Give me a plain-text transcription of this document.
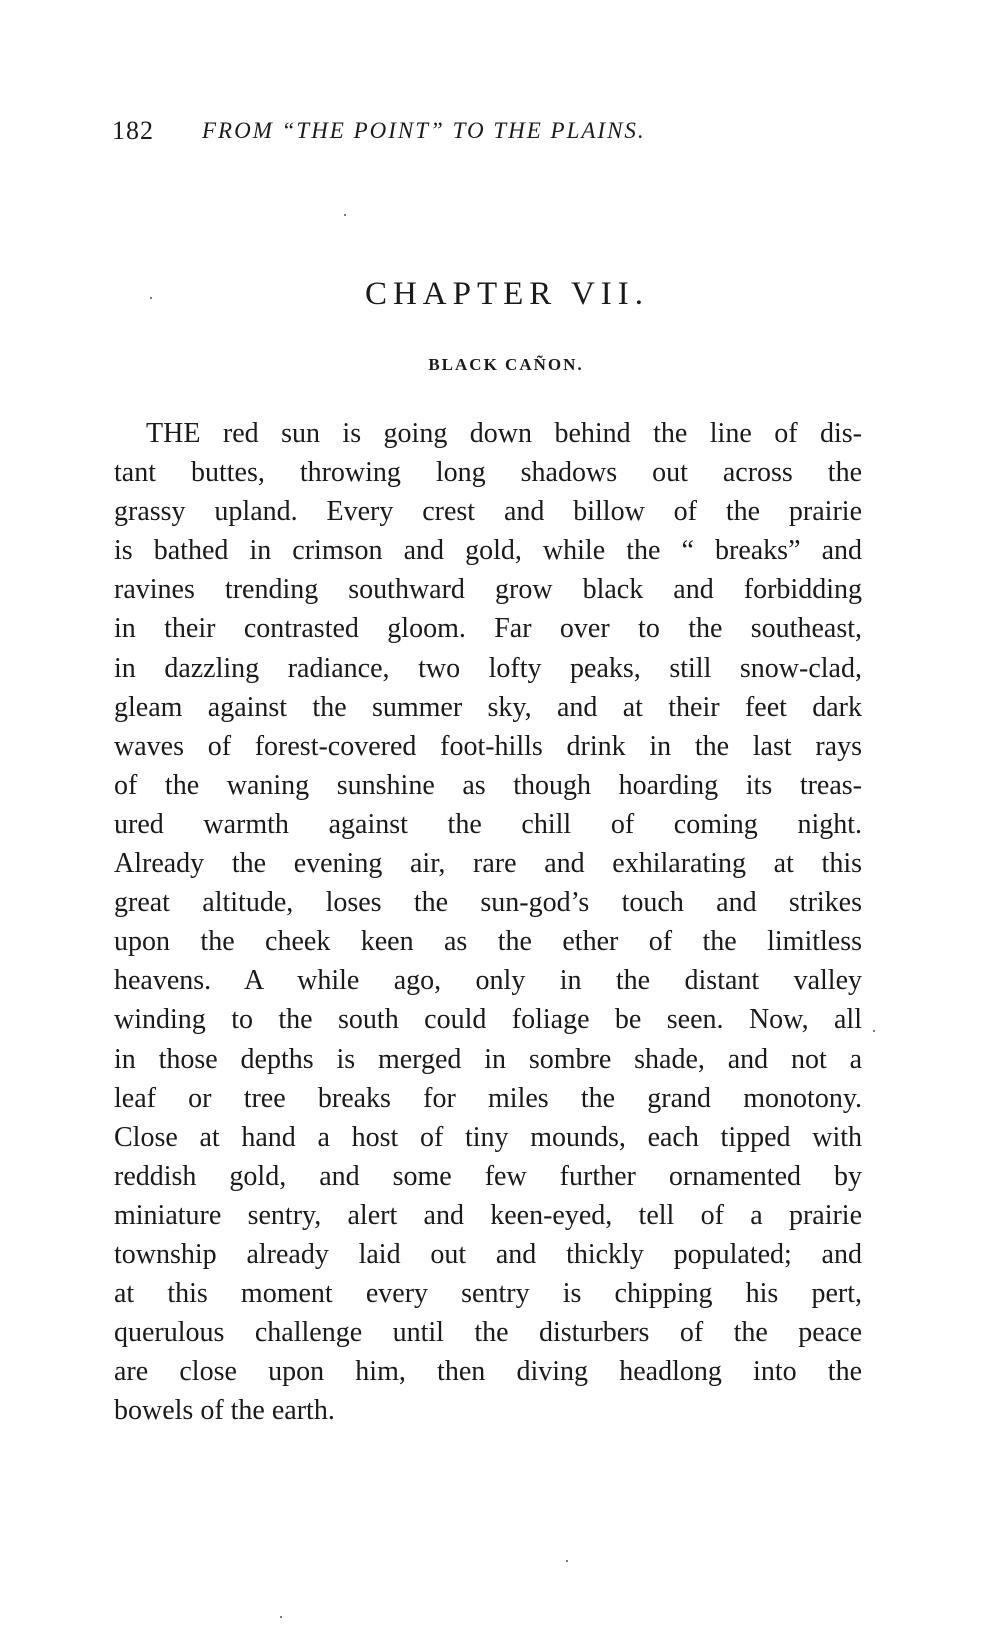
182 FROM “THE POINT” TO THE PLAINS.
CHAPTER VII.
BLACK CAÑON.
THE red sun is going down behind the line of dis-
tant buttes, throwing long shadows out across the
grassy upland. Every crest and billow of the prairie
is bathed in crimson and gold, while the “ breaks” and
ravines trending southward grow black and forbidding
in their contrasted gloom. Far over to the southeast,
in dazzling radiance, two lofty peaks, still snow-clad,
gleam against the summer sky, and at their feet dark
waves of forest-covered foot-hills drink in the last rays
of the waning sunshine as though hoarding its treas-
ured warmth against the chill of coming night.
Already the evening air, rare and exhilarating at this
great altitude, loses the sun-god’s touch and strikes
upon the cheek keen as the ether of the limitless
heavens. A while ago, only in the distant valley
winding to the south could foliage be seen. Now, all
in those depths is merged in sombre shade, and not a
leaf or tree breaks for miles the grand monotony.
Close at hand a host of tiny mounds, each tipped with
reddish gold, and some few further ornamented by
miniature sentry, alert and keen-eyed, tell of a prairie
township already laid out and thickly populated; and
at this moment every sentry is chipping his pert,
querulous challenge until the disturbers of the peace
are close upon him, then diving headlong into the
bowels of the earth.
